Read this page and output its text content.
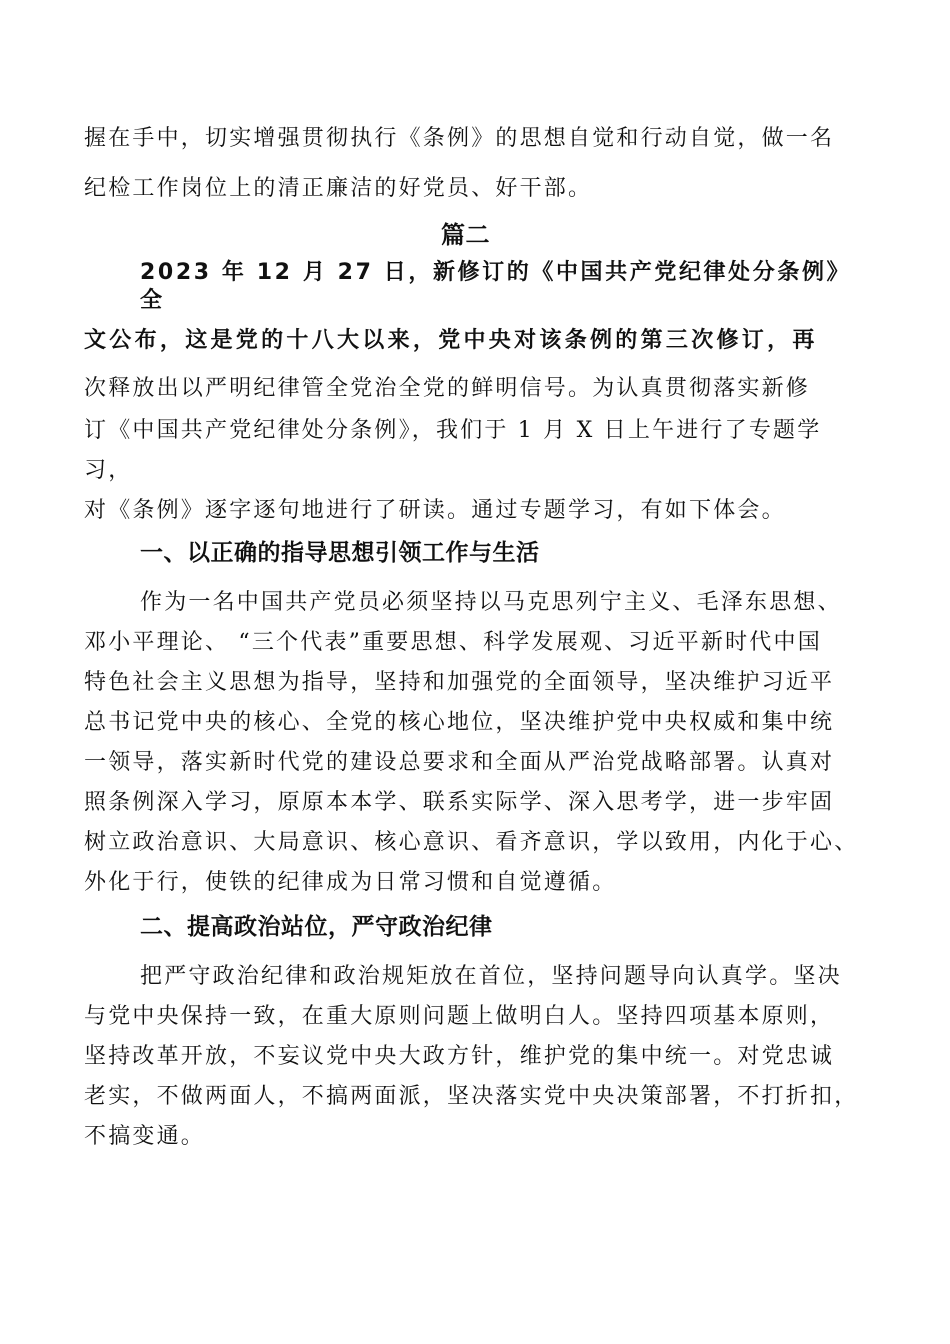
握在手中，切实增强贯彻执行《条例》的思想自觉和行动自觉，做一名
纪检工作岗位上的清正廉洁的好党员、好干部。
篇二
2023 年 12 月 27 日，新修订的《中国共产党纪律处分条例》
全
文公布，这是党的十八大以来，党中央对该条例的第三次修订，再
次释放出以严明纪律管全党治全党的鲜明信号。为认真贯彻落实新修
订《中国共产党纪律处分条例》，我们于 1 月 X 日上午进行了专题学
习，
对《条例》逐字逐句地进行了研读。通过专题学习，有如下体会。
一、以正确的指导思想引领工作与生活
作为一名中国共产党员必须坚持以马克思列宁主义、毛泽东思想、
邓小平理论、 “三个代表”重要思想、科学发展观、习近平新时代中国
特色社会主义思想为指导，坚持和加强党的全面领导，坚决维护习近平
总书记党中央的核心、全党的核心地位，坚决维护党中央权威和集中统
一领导，落实新时代党的建设总要求和全面从严治党战略部署。认真对
照条例深入学习，原原本本学、联系实际学、深入思考学，进一步牢固
树立政治意识、大局意识、核心意识、看齐意识，学以致用，内化于心、
外化于行，使铁的纪律成为日常习惯和自觉遵循。
二、提高政治站位，严守政治纪律
把严守政治纪律和政治规矩放在首位，坚持问题导向认真学。坚决
与党中央保持一致，在重大原则问题上做明白人。坚持四项基本原则，
坚持改革开放，不妄议党中央大政方针，维护党的集中统一。对党忠诚
老实，不做两面人，不搞两面派，坚决落实党中央决策部署，不打折扣，
不搞变通。
